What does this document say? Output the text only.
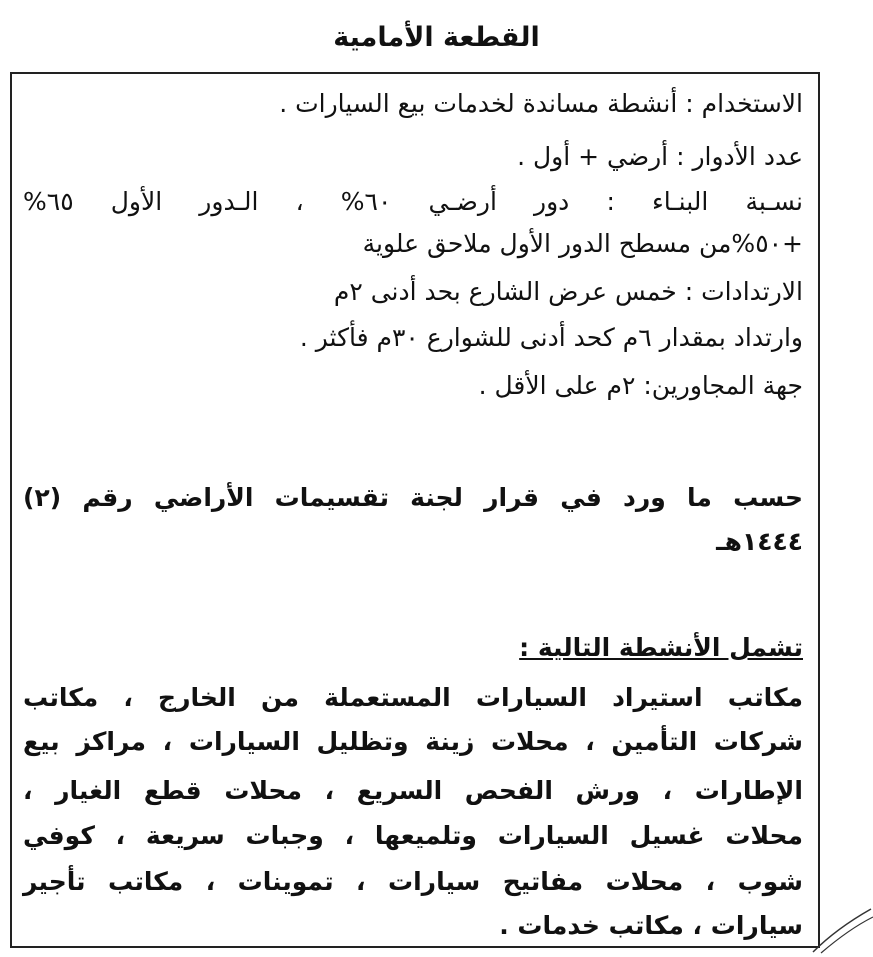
القطعة الأمامية
الاستخدام : أنشطة مساندة لخدمات بيع السيارات .
عدد الأدوار : أرضي + أول .
نسـبة البنـاء : دور أرضـي ٦٠% ، الـدور الأول ٦٥%
+٥٠%من مسطح الدور الأول ملاحق علوية
الارتدادات : خمس عرض الشارع بحد أدنى ٢م
وارتداد بمقدار ٦م كحد أدنى للشوارع ٣٠م فأكثر .
جهة المجاورين: ٢م على الأقل .
حسب ما ورد في قرار لجنة تقسيمات الأراضي رقم (٢)
١٤٤٤هـ
تشمل الأنشطة التالية :
مكاتب استيراد السيارات المستعملة من الخارج ، مكاتب
شركات التأمين ، محلات زينة وتظليل السيارات ، مراكز بيع
الإطارات ، ورش الفحص السريع ، محلات قطع الغيار ،
محلات غسيل السيارات وتلميعها ، وجبات سريعة ، كوفي
شوب ، محلات مفاتيح سيارات ، تموينات ، مكاتب تأجير
سيارات ، مكاتب خدمات .
